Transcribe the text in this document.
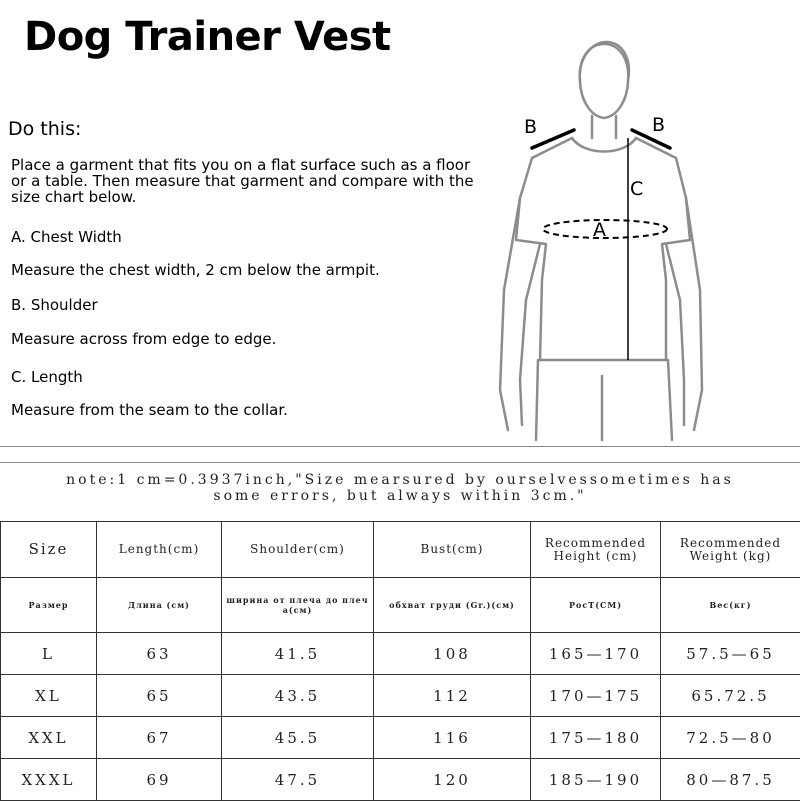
Dog Trainer Vest
Do this:
Place a garment that fits you on a flat surface such as a floor or a table. Then measure that garment and compare with the size chart below.
A. Chest Width
Measure the chest width, 2 cm below the armpit.
B. Shoulder
Measure across from edge to edge.
C. Length
Measure from the seam to the collar.
B	B
C
A
note:1 cm=0.3937inch,"Size mearsured by ourselvessometimes has some errors, but always within 3cm."
Size	Length(cm)	Shoulder(cm)	Bust(cm)	Recommended Height (cm)	Recommended Weight (kg)
Размер	Длина (cм)	ширина от плеча до плеч а(cм)	обхват груди (Gr.)(cм)	РосТ(CM)	Вес(кг)
L	63	41.5	108	165—170	57.5—65
XL	65	43.5	112	170—175	65.72.5
XXL	67	45.5	116	175—180	72.5—80
XXXL	69	47.5	120	185—190	80—87.5
